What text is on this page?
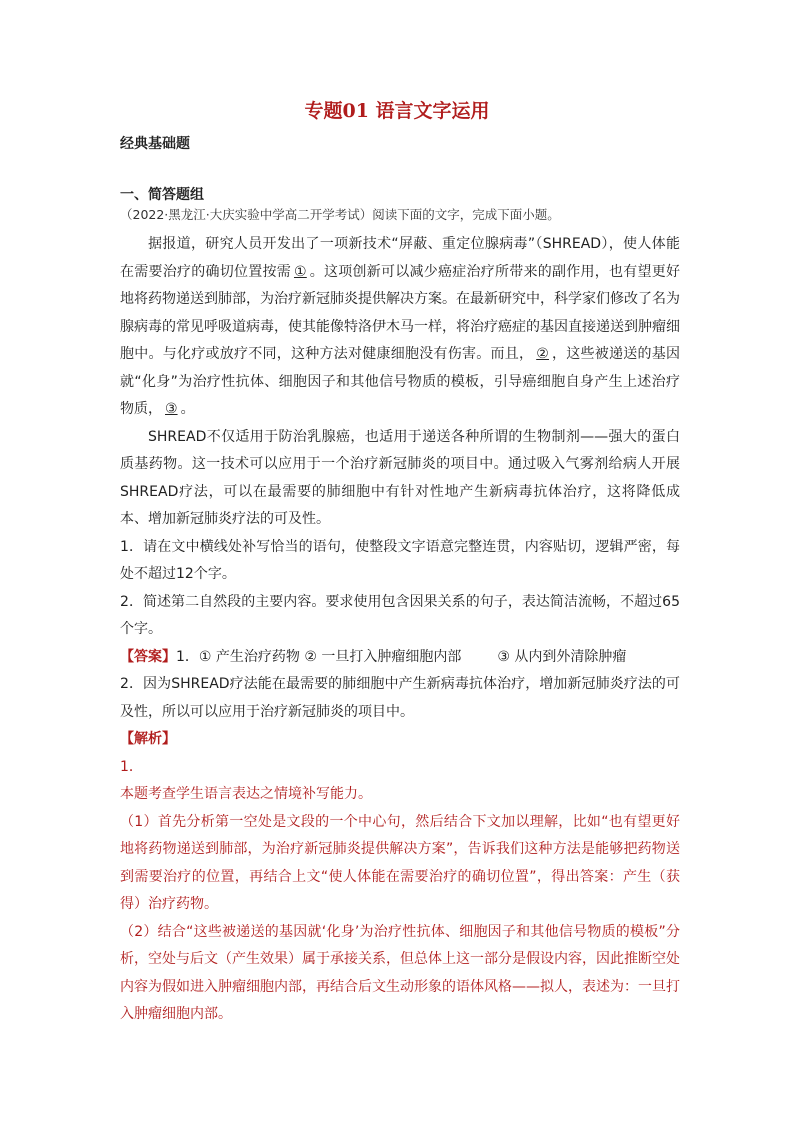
专题01 语言文字运用

经典基础题

一、简答题组

（2022·黑龙江·大庆实验中学高二开学考试）阅读下面的文字，完成下面小题。

据报道，研究人员开发出了一项新技术“屏蔽、重定位腺病毒”（SHREAD），使人体能在需要治疗的确切位置按需 ① 。这项创新可以减少癌症治疗所带来的副作用，也有望更好地将药物递送到肺部，为治疗新冠肺炎提供解决方案。在最新研究中，科学家们修改了名为腺病毒的常见呼吸道病毒，使其能像特洛伊木马一样，将治疗癌症的基因直接递送到肿瘤细胞中。与化疗或放疗不同，这种方法对健康细胞没有伤害。而且， ② ，这些被递送的基因就“化身”为治疗性抗体、细胞因子和其他信号物质的模板，引导癌细胞自身产生上述治疗物质， ③ 。

SHREAD不仅适用于防治乳腺癌，也适用于递送各种所谓的生物制剂——强大的蛋白质基药物。这一技术可以应用于一个治疗新冠肺炎的项目中。通过吸入气雾剂给病人开展SHREAD疗法，可以在最需要的肺细胞中有针对性地产生新病毒抗体治疗，这将降低成本、增加新冠肺炎疗法的可及性。

1．请在文中横线处补写恰当的语句，使整段文字语意完整连贯，内容贴切，逻辑严密，每处不超过12个字。

2．简述第二自然段的主要内容。要求使用包含因果关系的句子，表达简洁流畅，不超过65个字。

【答案】1．① 产生治疗药物 ② 一旦打入肿瘤细胞内部	③ 从内到外清除肿瘤

2．因为SHREAD疗法能在最需要的肺细胞中产生新病毒抗体治疗，增加新冠肺炎疗法的可及性，所以可以应用于治疗新冠肺炎的项目中。

【解析】

1．

本题考查学生语言表达之情境补写能力。

（1）首先分析第一空处是文段的一个中心句，然后结合下文加以理解，比如“也有望更好地将药物递送到肺部，为治疗新冠肺炎提供解决方案”，告诉我们这种方法是能够把药物送到需要治疗的位置，再结合上文“使人体能在需要治疗的确切位置”，得出答案：产生（获得）治疗药物。

（2）结合“这些被递送的基因就‘化身’为治疗性抗体、细胞因子和其他信号物质的模板”分析，空处与后文（产生效果）属于承接关系，但总体上这一部分是假设内容，因此推断空处内容为假如进入肿瘤细胞内部，再结合后文生动形象的语体风格——拟人，表述为：一旦打入肿瘤细胞内部。
